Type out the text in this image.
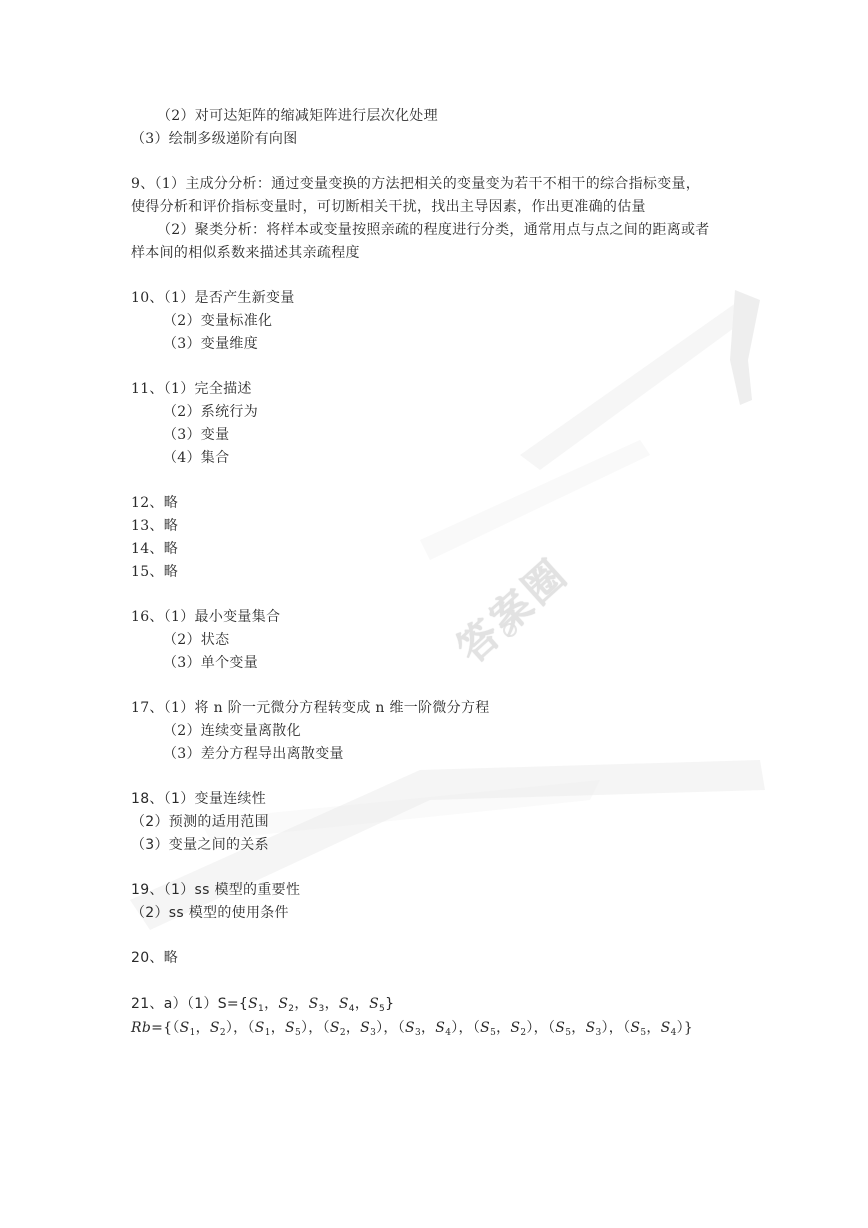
答案圈
（2）对可达矩阵的缩减矩阵进行层次化处理
（3）绘制多级递阶有向图
9、（1）主成分分析：通过变量变换的方法把相关的变量变为若干不相干的综合指标变量，
使得分析和评价指标变量时，可切断相关干扰，找出主导因素，作出更准确的估量
（2）聚类分析：将样本或变量按照亲疏的程度进行分类，通常用点与点之间的距离或者
样本间的相似系数来描述其亲疏程度
10、（1）是否产生新变量
（2）变量标准化
（3）变量维度
11、（1）完全描述
（2）系统行为
（3）变量
（4）集合
12、略
13、略
14、略
15、略
16、（1）最小变量集合
（2）状态
（3）单个变量
17、（1）将 n 阶一元微分方程转变成 n 维一阶微分方程
（2）连续变量离散化
（3）差分方程导出离散变量
18、（1）变量连续性
（2）预测的适用范围
（3）变量之间的关系
19、（1）ss 模型的重要性
（2）ss 模型的使用条件
20、略
21、$a)(1)S=\{S_1$，$S_2$，$S_3$，$S_4$，$S_5$}
$Rb=\{(S_1$，$S_2$），（$S_1$，$S_5$），（$S_2$，$S_3$），（$S_3$，$S_4$），（$S_5$，$S_2$），（$S_5$，$S_3$），（$S_5$，$S_4$）}
